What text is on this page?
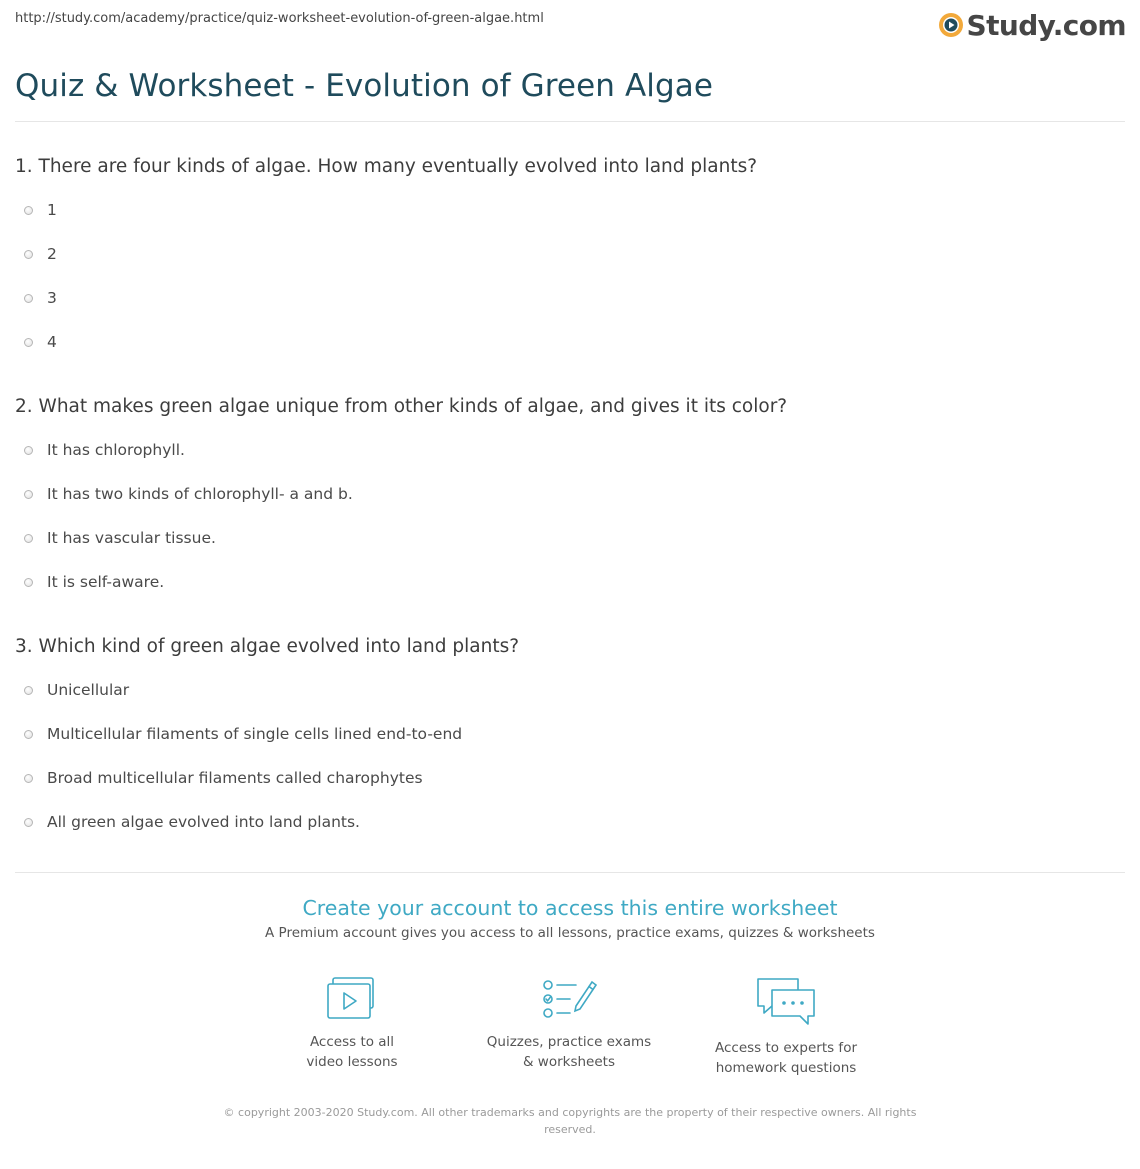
http://study.com/academy/practice/quiz-worksheet-evolution-of-green-algae.html	Study.com
Quiz & Worksheet - Evolution of Green Algae
1. There are four kinds of algae. How many eventually evolved into land plants?
1
2
3
4
2. What makes green algae unique from other kinds of algae, and gives it its color?
It has chlorophyll.
It has two kinds of chlorophyll- a and b.
It has vascular tissue.
It is self-aware.
3. Which kind of green algae evolved into land plants?
Unicellular
Multicellular filaments of single cells lined end-to-end
Broad multicellular filaments called charophytes
All green algae evolved into land plants.
Create your account to access this entire worksheet
A Premium account gives you access to all lessons, practice exams, quizzes & worksheets
Access to all
video lessons
Quizzes, practice exams
& worksheets
Access to experts for
homework questions
© copyright 2003-2020 Study.com. All other trademarks and copyrights are the property of their respective owners. All rights
reserved.
